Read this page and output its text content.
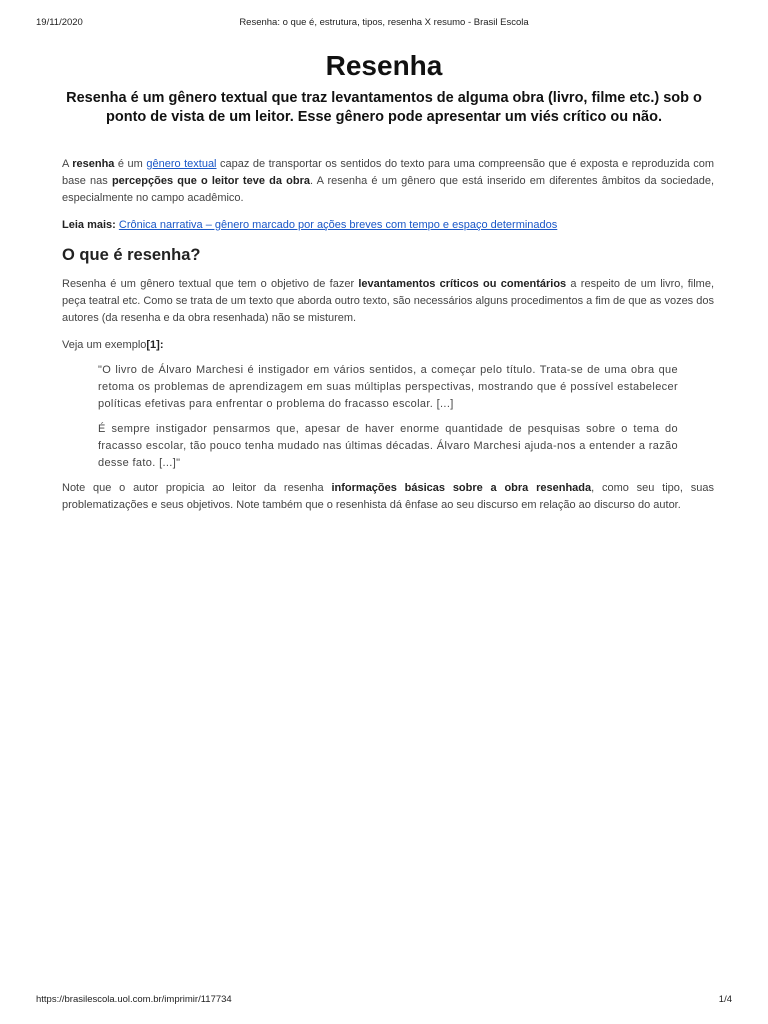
19/11/2020	Resenha: o que é, estrutura, tipos, resenha X resumo - Brasil Escola
Resenha

Resenha é um gênero textual que traz levantamentos de alguma obra (livro, filme etc.) sob o ponto de vista de um leitor. Esse gênero pode apresentar um viés crítico ou não.

A resenha é um gênero textual capaz de transportar os sentidos do texto para uma compreensão que é exposta e reproduzida com base nas percepções que o leitor teve da obra. A resenha é um gênero que está inserido em diferentes âmbitos da sociedade, especialmente no campo acadêmico.

Leia mais: Crônica narrativa – gênero marcado por ações breves com tempo e espaço determinados

O que é resenha?

Resenha é um gênero textual que tem o objetivo de fazer levantamentos críticos ou comentários a respeito de um livro, filme, peça teatral etc. Como se trata de um texto que aborda outro texto, são necessários alguns procedimentos a fim de que as vozes dos autores (da resenha e da obra resenhada) não se misturem.

Veja um exemplo[1]:

"O livro de Álvaro Marchesi é instigador em vários sentidos, a começar pelo título. Trata-se de uma obra que retoma os problemas de aprendizagem em suas múltiplas perspectivas, mostrando que é possível estabelecer políticas efetivas para enfrentar o problema do fracasso escolar. [...]

É sempre instigador pensarmos que, apesar de haver enorme quantidade de pesquisas sobre o tema do fracasso escolar, tão pouco tenha mudado nas últimas décadas. Álvaro Marchesi ajuda-nos a entender a razão desse fato. [...]"

Note que o autor propicia ao leitor da resenha informações básicas sobre a obra resenhada, como seu tipo, suas problematizações e seus objetivos. Note também que o resenhista dá ênfase ao seu discurso em relação ao discurso do autor.

https://brasilescola.uol.com.br/imprimir/117734	1/4
